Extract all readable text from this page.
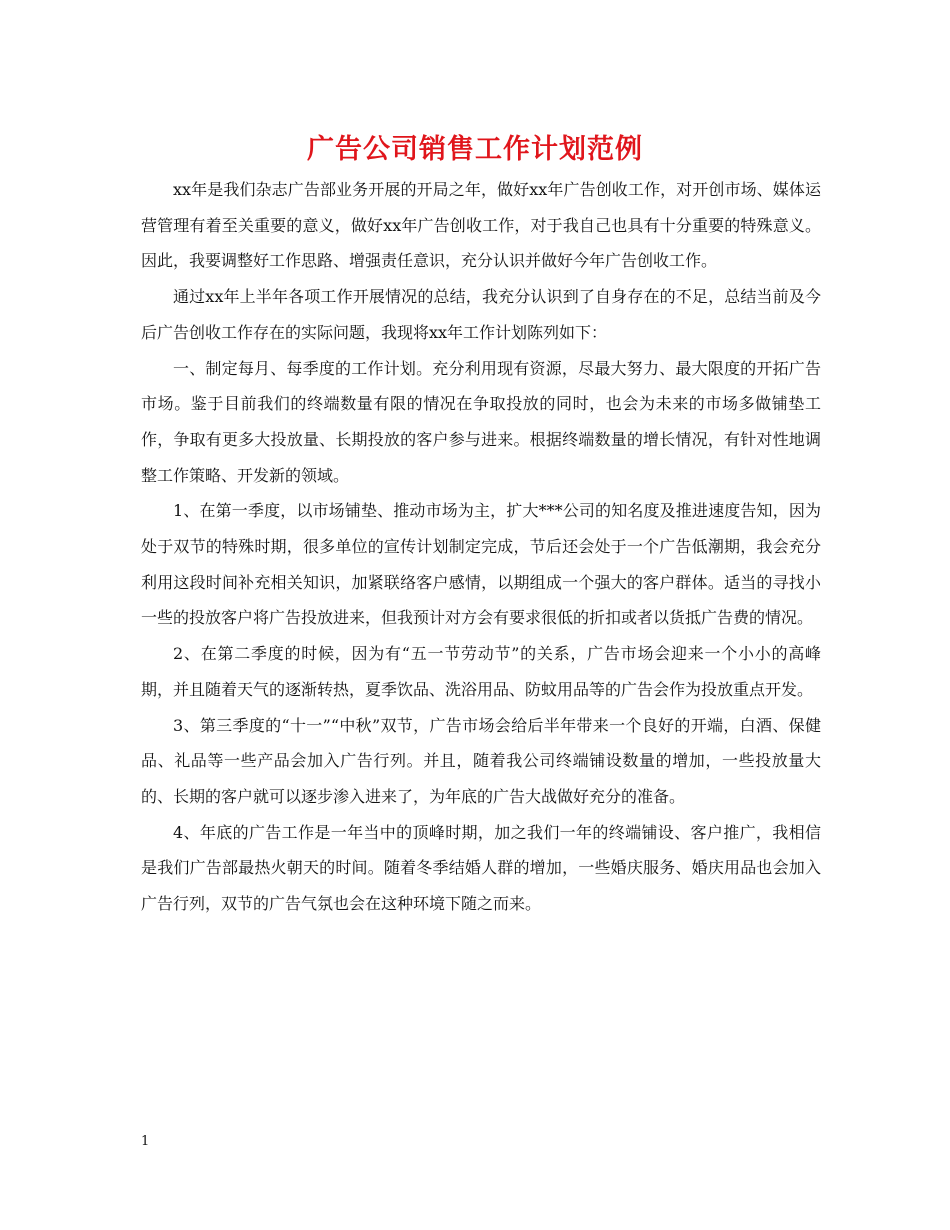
广告公司销售工作计划范例

xx年是我们杂志广告部业务开展的开局之年，做好xx年广告创收工作，对开创市场、媒体运营管理有着至关重要的意义，做好xx年广告创收工作，对于我自己也具有十分重要的特殊意义。因此，我要调整好工作思路、增强责任意识，充分认识并做好今年广告创收工作。

通过xx年上半年各项工作开展情况的总结，我充分认识到了自身存在的不足，总结当前及今后广告创收工作存在的实际问题，我现将xx年工作计划陈列如下：

一、制定每月、每季度的工作计划。充分利用现有资源，尽最大努力、最大限度的开拓广告市场。鉴于目前我们的终端数量有限的情况在争取投放的同时，也会为未来的市场多做铺垫工作，争取有更多大投放量、长期投放的客户参与进来。根据终端数量的增长情况，有针对性地调整工作策略、开发新的领域。

1、在第一季度，以市场铺垫、推动市场为主，扩大***公司的知名度及推进速度告知，因为处于双节的特殊时期，很多单位的宣传计划制定完成，节后还会处于一个广告低潮期，我会充分利用这段时间补充相关知识，加紧联络客户感情，以期组成一个强大的客户群体。适当的寻找小一些的投放客户将广告投放进来，但我预计对方会有要求很低的折扣或者以货抵广告费的情况。

2、在第二季度的时候，因为有“五一节劳动节”的关系，广告市场会迎来一个小小的高峰期，并且随着天气的逐渐转热，夏季饮品、洗浴用品、防蚊用品等的广告会作为投放重点开发。

3、第三季度的“十一”“中秋”双节，广告市场会给后半年带来一个良好的开端，白酒、保健品、礼品等一些产品会加入广告行列。并且，随着我公司终端铺设数量的增加，一些投放量大的、长期的客户就可以逐步渗入进来了，为年底的广告大战做好充分的准备。

4、年底的广告工作是一年当中的顶峰时期，加之我们一年的终端铺设、客户推广，我相信是我们广告部最热火朝天的时间。随着冬季结婚人群的增加，一些婚庆服务、婚庆用品也会加入广告行列，双节的广告气氛也会在这种环境下随之而来。

1
